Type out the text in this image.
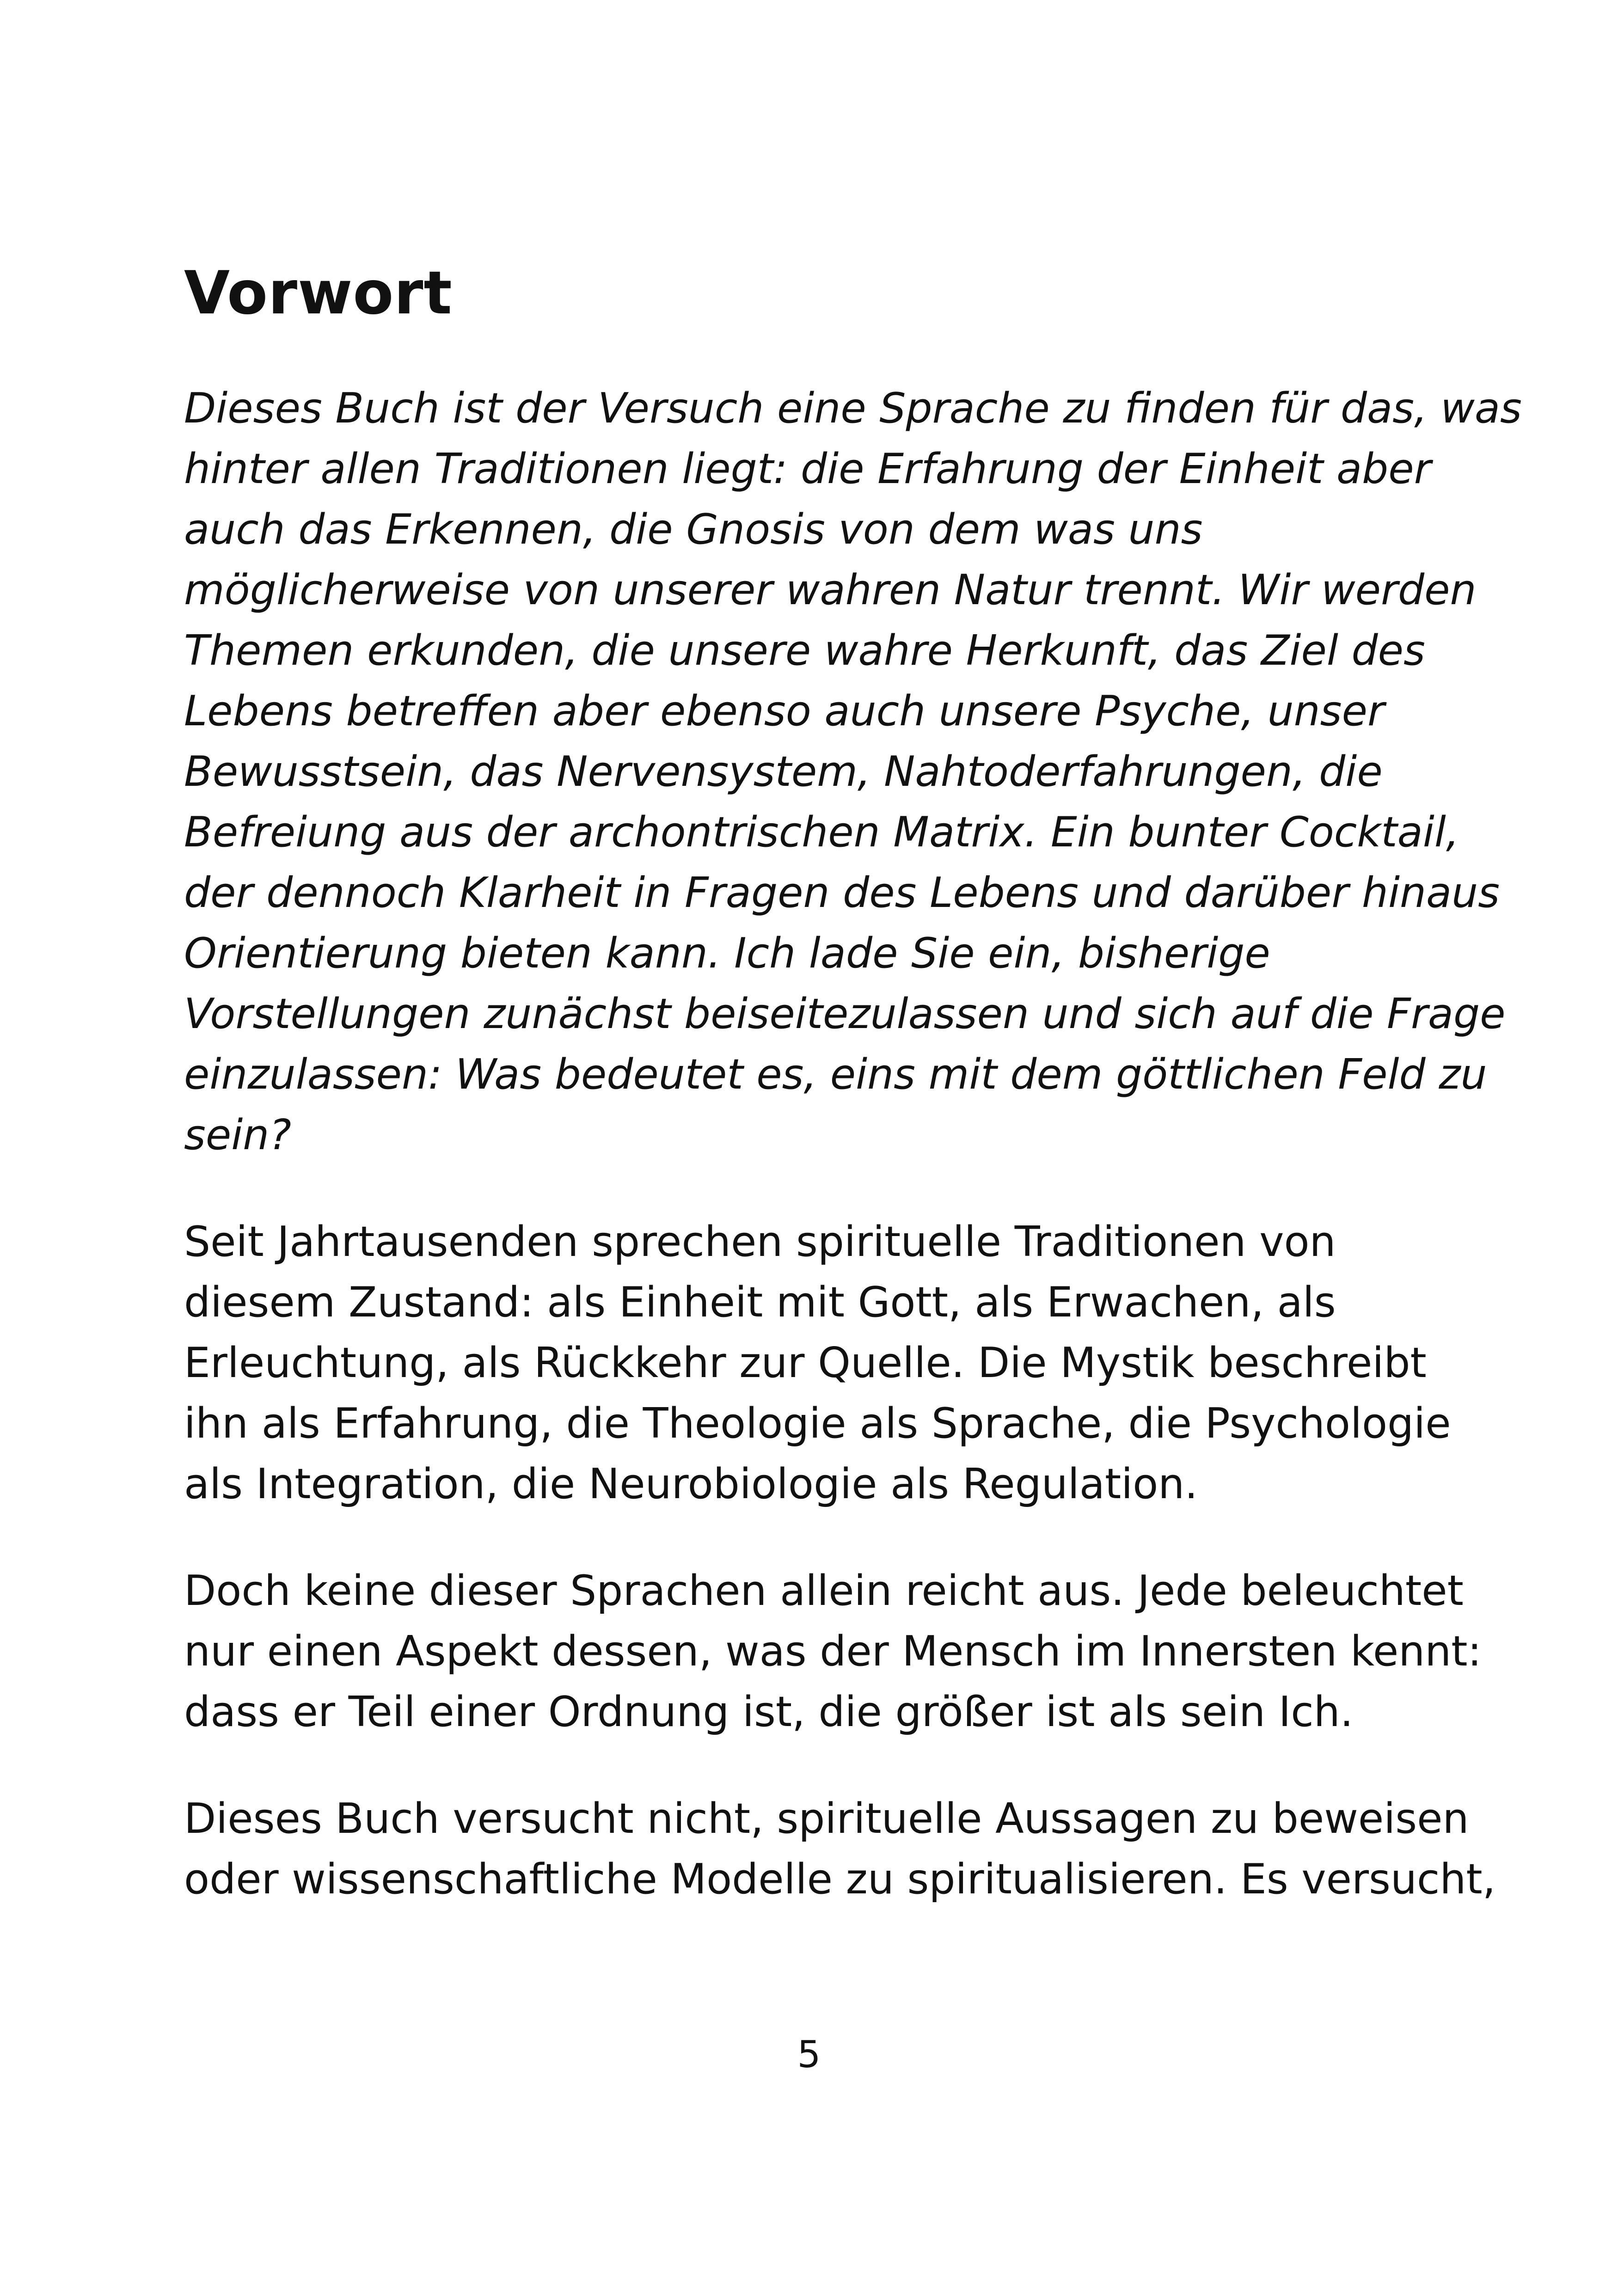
Vorwort

Dieses Buch ist der Versuch eine Sprache zu finden für das, was
hinter allen Traditionen liegt: die Erfahrung der Einheit aber
auch das Erkennen, die Gnosis von dem was uns
möglicherweise von unserer wahren Natur trennt. Wir werden
Themen erkunden, die unsere wahre Herkunft, das Ziel des
Lebens betreffen aber ebenso auch unsere Psyche, unser
Bewusstsein, das Nervensystem, Nahtoderfahrungen, die
Befreiung aus der archontrischen Matrix. Ein bunter Cocktail,
der dennoch Klarheit in Fragen des Lebens und darüber hinaus
Orientierung bieten kann. Ich lade Sie ein, bisherige
Vorstellungen zunächst beiseitezulassen und sich auf die Frage
einzulassen: Was bedeutet es, eins mit dem göttlichen Feld zu
sein?

Seit Jahrtausenden sprechen spirituelle Traditionen von
diesem Zustand: als Einheit mit Gott, als Erwachen, als
Erleuchtung, als Rückkehr zur Quelle. Die Mystik beschreibt
ihn als Erfahrung, die Theologie als Sprache, die Psychologie
als Integration, die Neurobiologie als Regulation.

Doch keine dieser Sprachen allein reicht aus. Jede beleuchtet
nur einen Aspekt dessen, was der Mensch im Innersten kennt:
dass er Teil einer Ordnung ist, die größer ist als sein Ich.

Dieses Buch versucht nicht, spirituelle Aussagen zu beweisen
oder wissenschaftliche Modelle zu spiritualisieren. Es versucht,

5
